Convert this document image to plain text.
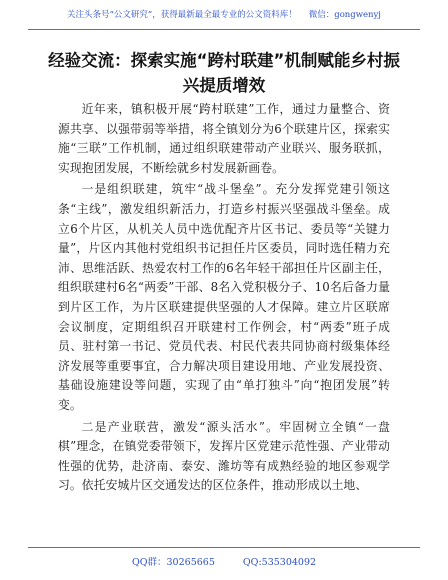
关注头条号“公文研究”，获得最新最全最专业的公文资料库！ 微信：gongwenyj
经验交流：探索实施“跨村联建”机制赋能乡村振兴提质增效

近年来，镇积极开展“跨村联建”工作，通过力量整合、资源共享、以强带弱等举措，将全镇划分为6个联建片区，探索实施“三联”工作机制，通过组织联建带动产业联兴、服务联抓，实现抱团发展，不断绘就乡村发展新画卷。

一是组织联建，筑牢“战斗堡垒”。充分发挥党建引领这条“主线”，激发组织新活力，打造乡村振兴坚强战斗堡垒。成立6个片区，从机关人员中选优配齐片区书记、委员等“关键力量”，片区内其他村党组织书记担任片区委员，同时选任精力充沛、思维活跃、热爱农村工作的6名年轻干部担任片区副主任，组织联建村6名“两委”干部、8名入党积极分子、10名后备力量到片区工作，为片区联建提供坚强的人才保障。建立片区联席会议制度，定期组织召开联建村工作例会，村“两委”班子成员、驻村第一书记、党员代表、村民代表共同协商村级集体经济发展等重要事宜，合力解决项目建设用地、产业发展投资、基础设施建设等问题，实现了由“单打独斗”向“抱团发展”转变。

二是产业联营，激发“源头活水”。牢固树立全镇“一盘棋”理念，在镇党委带领下，发挥片区党建示范性强、产业带动性强的优势，赴济南、泰安、潍坊等有成熟经验的地区参观学习。依托安城片区交通发达的区位条件，推动形成以土地、

QQ群：30265665	QQ:535304092
